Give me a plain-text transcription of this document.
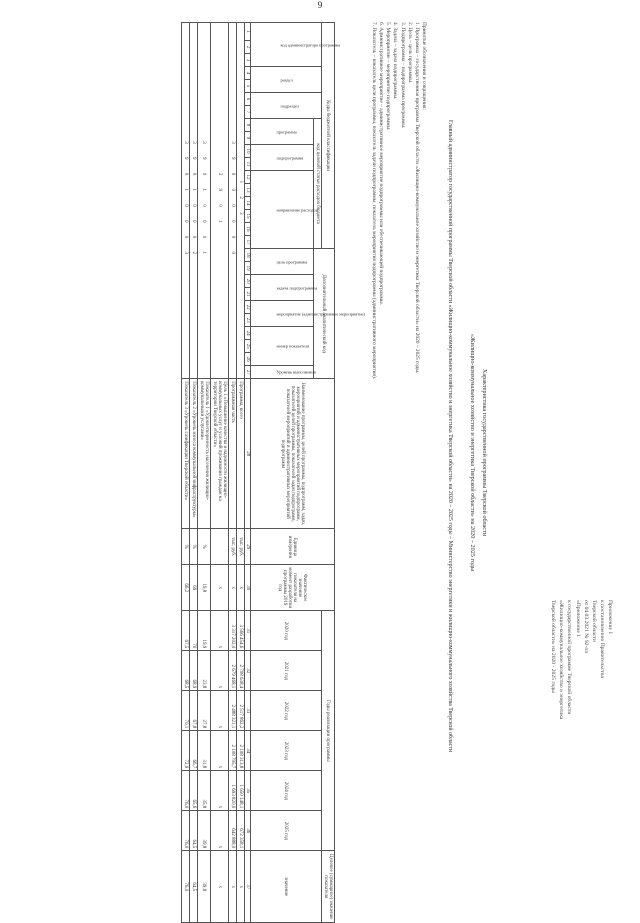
9
Приложение 1
к постановлению Правительства
Тверской области
от 04.03.2021 № 92-пп
«Приложение 1
к государственной программе Тверской области
«Жилищно-коммунальное хозяйство и энергетика
Тверской области» на 2020 - 2025 годы
Характеристика государственной программы Тверской области
«Жилищно-коммунальное хозяйство и энергетика Тверской области» на 2020 – 2025 годы
Главный администратор государственной программы Тверской области «Жилищно-коммунальное хозяйство и энергетика Тверской области» на 2020 – 2025 годы – Министерство энергетики и жилищно-коммунального хозяйства Тверской области
Принятые обозначения и сокращения:
1. Программа – государственная программа Тверской области «Жилищно-коммунальное хозяйство и энергетика Тверской области» на 2020 – 2025 годы.
2. Цель – цель программы.
3. Подпрограмма – подпрограмма программы.
4. Задача – задача подпрограммы.
5. Мероприятие – мероприятие подпрограммы.
6. Административное мероприятие – административное мероприятие подпрограммы или обеспечивающей подпрограммы.
7. Показатель – показатель цели программы, показатель задачи подпрограммы, показатель мероприятия подпрограммы (административного мероприятия).
Коды бюджетной классификации																	Дополнительный аналитический код										Наименование программы, целей программы, подпрограмм, задач, мероприятий и административных мероприятий подпрограмм, показателей целей программы, показателей задач подпрограмм, показателей мероприятий и административных мероприятий подпрограмм	Единица измерения	Фактическое значение показателя на момент разработки программы 2019 год	Годы реализации программы						Целевое (суммарное) значение показателя

код администратора программы			раздел		подраздел		код целевой статьи расходов бюджета																							2020 год	2021 год	2022 год	2023 год	2024 год	2025 год	значение

							программа		подпрограмма		направление расходов						цель программы		задача подпрограммы		мероприятие (административное мероприятие)		номер показателя			Уровень выполнения										

1	2	3	4	5	6	7	8	9	10	11	12	13	14	15	16	17	18	19	20	21	22	23	24	25	26	27	28	29	30	31	32	33	34	35	36	37
1 2 3																											Программа, всего	тыс. руб.	х	3 566 454,6	2 708 638,4	2 517 862,2	2 108 313,8	1 650 148,1	672 358,1	х
3 9 0 0 0 0 0 0																											Программная часть	тыс. руб.	х	3 317 202,0	2 679 468,1	2 488 321,1	2 108 795,7	1 693 820,0	642 888,0	х
3 9 0 1																											Цель 1 «Повышение качества и надежности жилищно-коммунальных услуг и условий проживания граждан на территории Тверской области»		х	х	х	х	х	х	х	х
3 9 0 1 0 0 0 1																											Показатель 1 «Удовлетворенность населения жилищно-коммунальными услугами»	%	19,8	19,9	23,8	27,8	31,8	35,8	39,8	39,8
3 9 0 1 0 0 0 2																											Показатель 2 «Уровень износа коммунальной инфраструктуры»	%	69	70	68,9	67,8	66,7	65,6	64,5	64,5
3 9 0 1 0 0 0 3																											Показатель 3 «Уровень газификации Тверской области»	%	66,2	67,5	68,5	70,1	72,9	76,0	76,0	76,0
